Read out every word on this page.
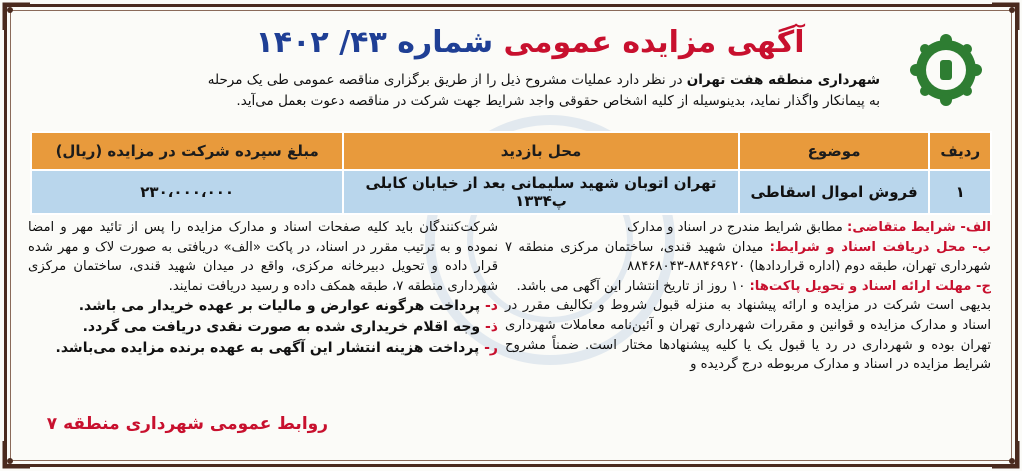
آگهی مزایده عمومی شماره ۴۳/ ۱۴۰۲
شهرداری منطقه هفت تهران در نظر دارد عملیات مشروح ذیل را از طریق برگزاری مناقصه عمومی طی یک مرحله
به پیمانکار واگذار نماید، بدینوسیله از کلیه اشخاص حقوقی واجد شرایط جهت شرکت در مناقصه دعوت بعمل می‌آید.
ردیف	موضوع	محل بازدید	مبلغ سپرده شرکت در مزایده (ریال)
۱	فروش اموال اسقاطی	تهران اتوبان شهید سلیمانی بعد از خیابان کابلی پ۱۳۳۴	۲۳۰،۰۰۰،۰۰۰

الف- شرایط متقاضی: مطابق شرایط مندرج در اسناد و مدارک

ب- محل دریافت اسناد و شرایط: میدان شهید قندی، ساختمان مرکزی منطقه ۷ شهرداری تهران، طبقه دوم (اداره قراردادها) ۸۸۴۶۹۶۲۰-۸۸۴۶۸۰۴۳

ج- مهلت ارائه اسناد و تحویل پاکت‌ها: ۱۰ روز از تاریخ انتشار این آگهی می باشد.

بدیهی است شرکت در مزایده و ارائه پیشنهاد به منزله قبول شروط و تکالیف مقرر در اسناد و مدارک مزایده و قوانین و مقررات شهرداری تهران و آئین‌نامه معاملات شهرداری تهران بوده و شهرداری در رد یا قبول یک یا کلیه پیشنهادها مختار است. ضمناً مشروح شرایط مزایده در اسناد و مدارک مربوطه درج گردیده و

شرکت‌کنندگان باید کلیه صفحات اسناد و مدارک مزایده را پس از تائید مهر و امضا نموده و به ترتیب مقرر در اسناد، در پاکت «الف» دریافتی به صورت لاک و مهر شده قرار داده و تحویل دبیرخانه مرکزی، واقع در میدان شهید قندی، ساختمان مرکزی شهرداری منطقه ۷، طبقه همکف داده و رسید دریافت نمایند.

د- پرداخت هرگونه عوارض و مالیات بر عهده خریدار می باشد.

ذ- وجه اقلام خریداری شده به صورت نقدی دریافت می گردد.

ر- پرداخت هزینه انتشار این آگهی به عهده برنده مزایده می‌باشد.

روابط عمومی شهرداری منطقه ۷
